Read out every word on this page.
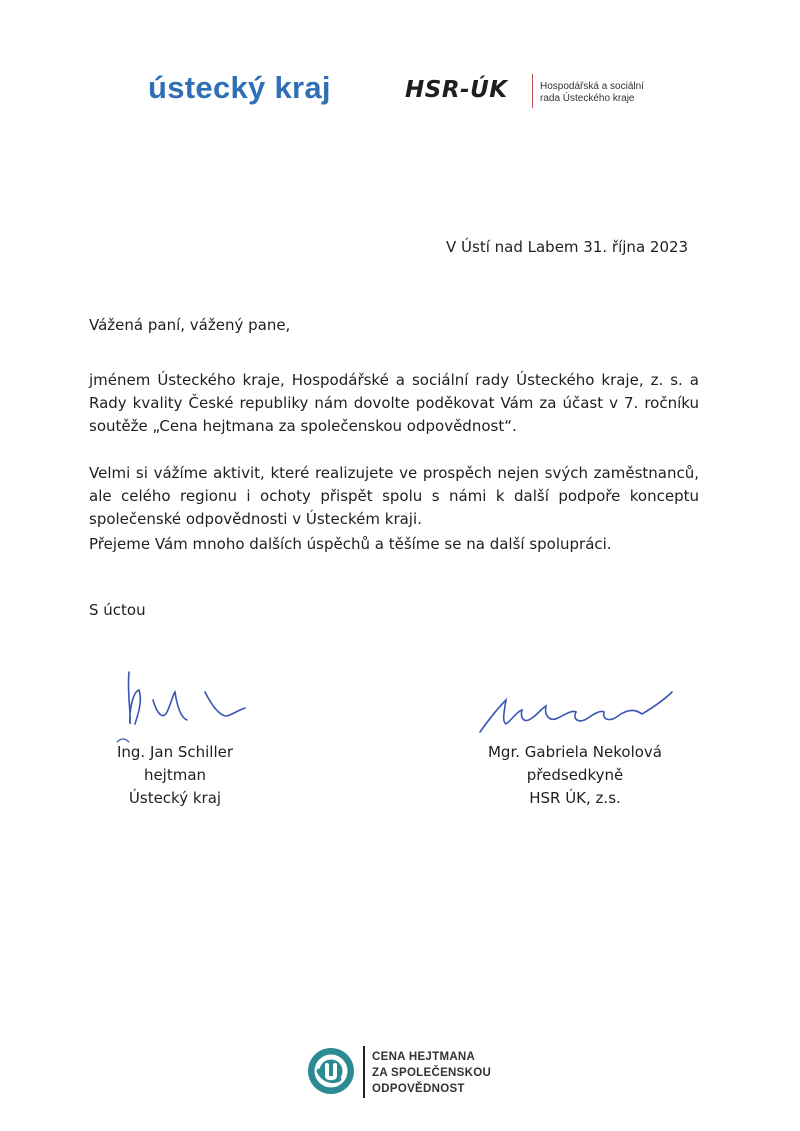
ústecký kraj	HSR-ÚK	Hospodářská a sociální
rada Ústeckého kraje
V Ústí nad Labem 31. října 2023
Vážená paní, vážený pane,
jménem Ústeckého kraje, Hospodářské a sociální rady Ústeckého kraje, z. s. a Rady kvality České republiky nám dovolte poděkovat Vám za účast v 7. ročníku soutěže „Cena hejtmana za společenskou odpovědnost“.
Velmi si vážíme aktivit, které realizujete ve prospěch nejen svých zaměstnanců, ale celého regionu i ochoty přispět spolu s námi k další podpoře konceptu společenské odpovědnosti v Ústeckém kraji.
Přejeme Vám mnoho dalších úspěchů a těšíme se na další spolupráci.
S úctou
Ing. Jan Schiller
hejtman
Ústecký kraj
Mgr. Gabriela Nekolová
předsedkyně
HSR ÚK, z.s.
CENA HEJTMANA
ZA SPOLEČENSKOU
ODPOVĚDNOST
